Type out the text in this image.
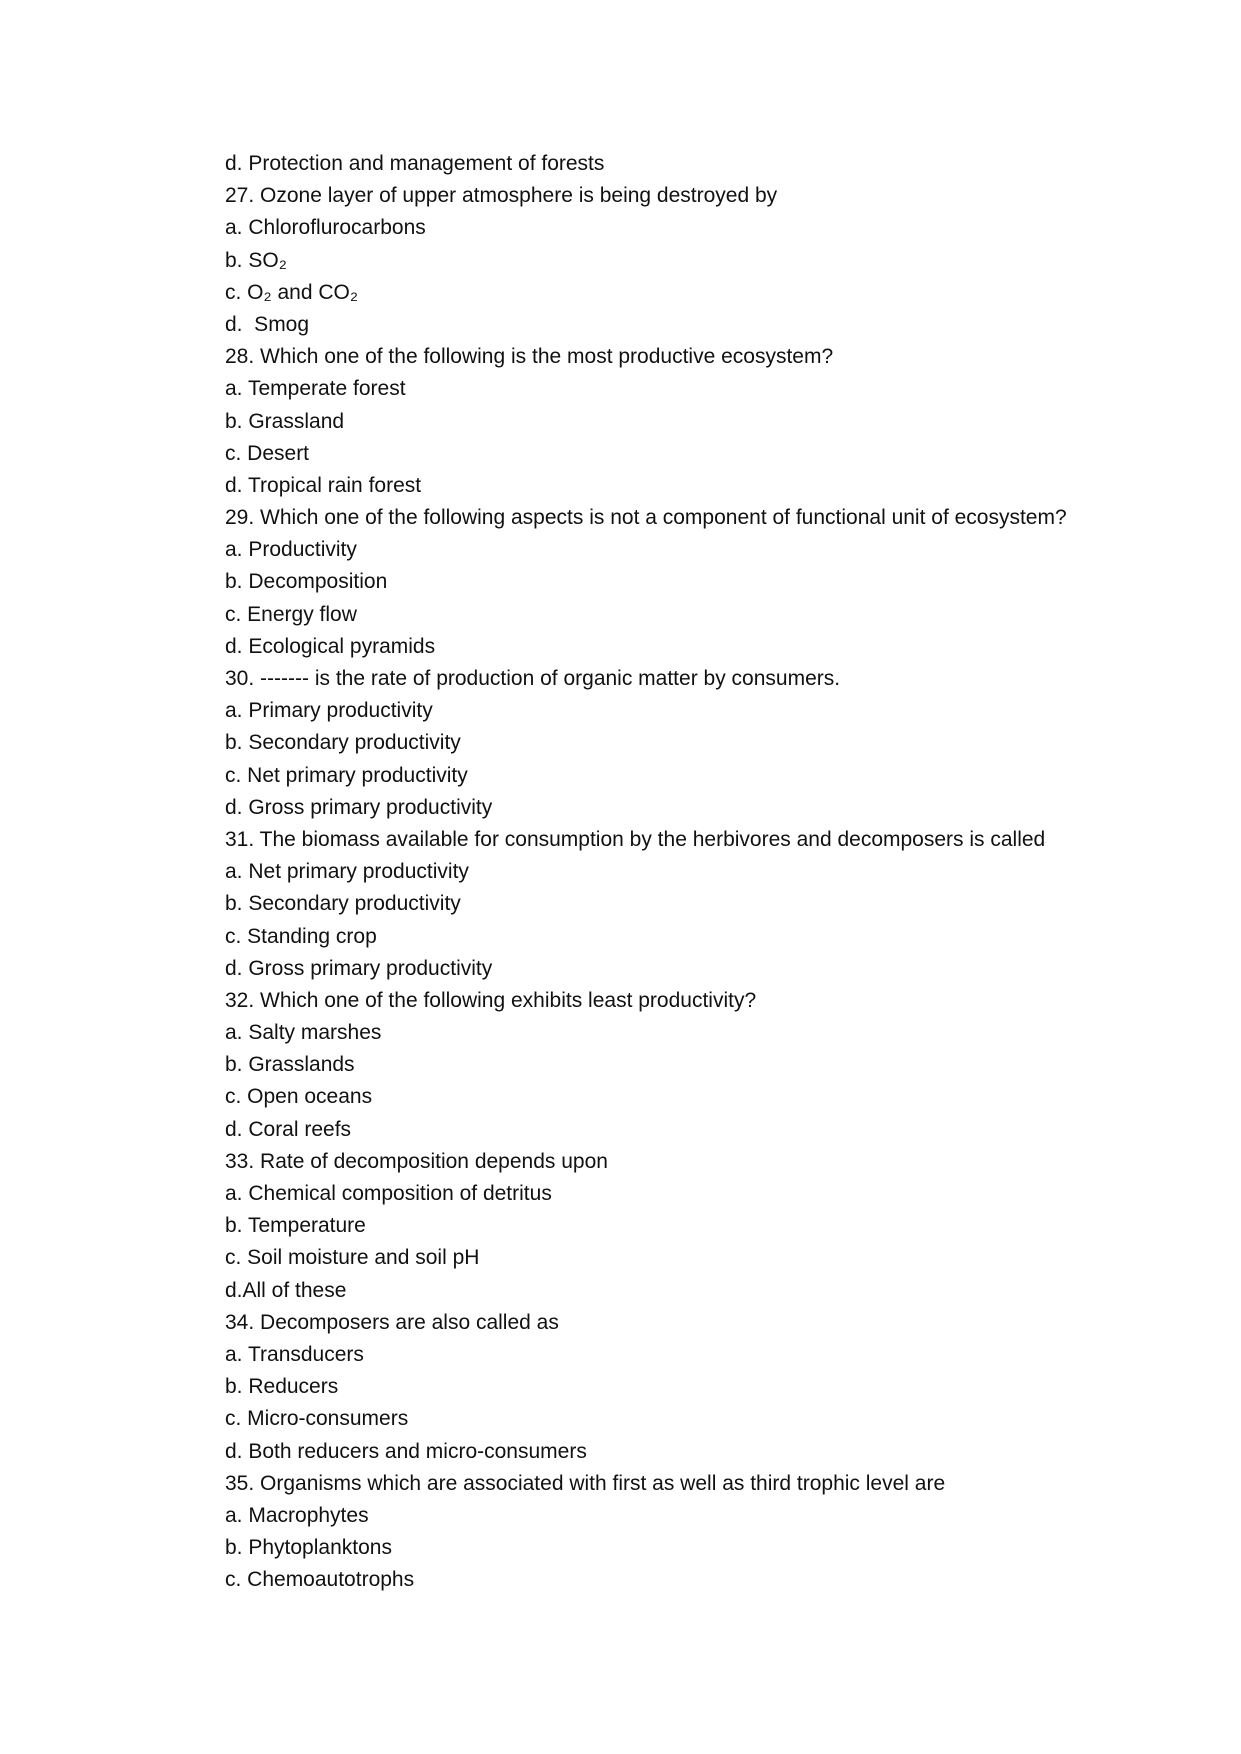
d. Protection and management of forests
27. Ozone layer of upper atmosphere is being destroyed by
a. Chloroflurocarbons
b. SO₂
c. O₂ and CO₂
d.  Smog
28. Which one of the following is the most productive ecosystem?
a. Temperate forest
b. Grassland
c. Desert
d. Tropical rain forest
29. Which one of the following aspects is not a component of functional unit of ecosystem?
a. Productivity
b. Decomposition
c. Energy flow
d. Ecological pyramids
30. ------- is the rate of production of organic matter by consumers.
a. Primary productivity
b. Secondary productivity
c. Net primary productivity
d. Gross primary productivity
31. The biomass available for consumption by the herbivores and decomposers is called
a. Net primary productivity
b. Secondary productivity
c. Standing crop
d. Gross primary productivity
32. Which one of the following exhibits least productivity?
a. Salty marshes
b. Grasslands
c. Open oceans
d. Coral reefs
33. Rate of decomposition depends upon
a. Chemical composition of detritus
b. Temperature
c. Soil moisture and soil pH
d.All of these
34. Decomposers are also called as
a. Transducers
b. Reducers
c. Micro-consumers
d. Both reducers and micro-consumers
35. Organisms which are associated with first as well as third trophic level are
a. Macrophytes
b. Phytoplanktons
c. Chemoautotrophs
